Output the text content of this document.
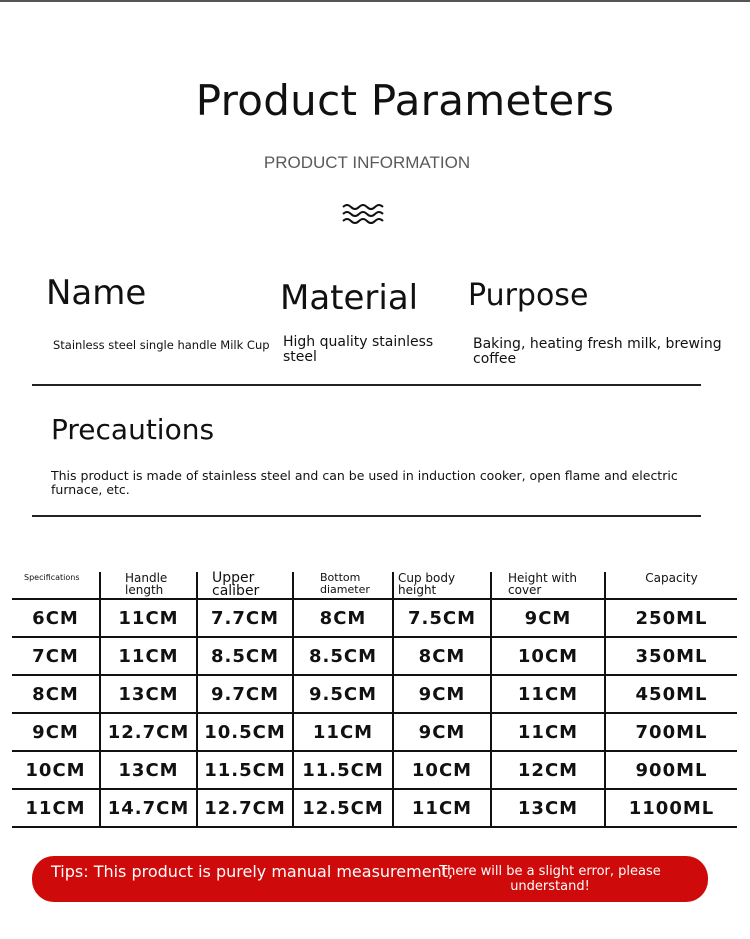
Product Parameters
PRODUCT INFORMATION
Name
Stainless steel single handle Milk Cup
Material
High quality stainless steel
Purpose
Baking, heating fresh milk, brewing coffee
Precautions
This product is made of stainless steel and can be used in induction cooker, open flame and electric furnace, etc.
Specifications	Handle length	Upper caliber	Bottom diameter	Cup body height	Height with cover	Capacity
6CM	11CM	7.7CM	8CM	7.5CM	9CM	250ML
7CM	11CM	8.5CM	8.5CM	8CM	10CM	350ML
8CM	13CM	9.7CM	9.5CM	9CM	11CM	450ML
9CM	12.7CM	10.5CM	11CM	9CM	11CM	700ML
10CM	13CM	11.5CM	11.5CM	10CM	12CM	900ML
11CM	14.7CM	12.7CM	12.5CM	11CM	13CM	1100ML
Tips: This product is purely manual measurement,
There will be a slight error, please understand!
